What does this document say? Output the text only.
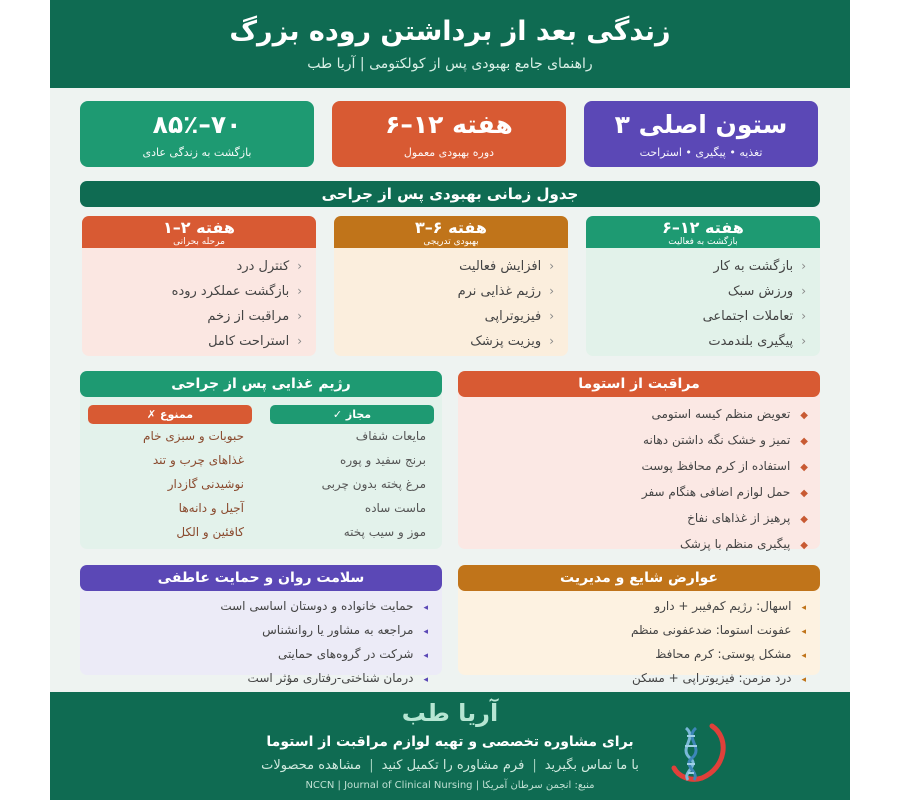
زندگی بعد از برداشتن روده بزرگ
راهنمای جامع بهبودی پس از کولکتومی | آریا طب
ستون اصلی ۳
تغذیه • پیگیری • استراحت
هفته ۱۲–۶
دوره بهبودی معمول
۷۰–۸۵٪
بازگشت به زندگی عادی
جدول زمانی بهبودی پس از جراحی
هفته ۱۲–۶
بازگشت به فعالیت
‹بازگشت به کار
‹ورزش سبک
‹تعاملات اجتماعی
‹پیگیری بلندمدت
هفته ۶–۳
بهبودی تدریجی
‹افزایش فعالیت
‹رژیم غذایی نرم
‹فیزیوتراپی
‹ویزیت پزشک
هفته ۲–۱
مرحله بحرانی
‹کنترل درد
‹بازگشت عملکرد روده
‹مراقبت از زخم
‹استراحت کامل
مراقبت از استوما
◆تعویض منظم کیسه استومی
◆تمیز و خشک نگه داشتن دهانه
◆استفاده از کرم محافظ پوست
◆حمل لوازم اضافی هنگام سفر
◆پرهیز از غذاهای نفاخ
◆پیگیری منظم با پزشک
رژیم غذایی پس از جراحی
مجاز ✓
مایعات شفاف
برنج سفید و پوره
مرغ پخته بدون چربی
ماست ساده
موز و سیب پخته
ممنوع ✗
حبوبات و سبزی خام
غذاهای چرب و تند
نوشیدنی گازدار
آجیل و دانه‌ها
کافئین و الکل
عوارض شایع و مدیریت
◂اسهال: رژیم کم‌فیبر + دارو
◂عفونت استوما: ضدعفونی منظم
◂مشکل پوستی: کرم محافظ
◂درد مزمن: فیزیوتراپی + مسکن
سلامت روان و حمایت عاطفی
◂حمایت خانواده و دوستان اساسی است
◂مراجعه به مشاور یا روانشناس
◂شرکت در گروه‌های حمایتی
◂درمان شناختی-رفتاری مؤثر است
آریا طب
برای مشاوره تخصصی و تهیه لوازم مراقبت از استوما
با ما تماس بگیرید|فرم مشاوره را تکمیل کنید|مشاهده محصولات
منبع: انجمن سرطان آمریکا | NCCN | Journal of Clinical Nursing
